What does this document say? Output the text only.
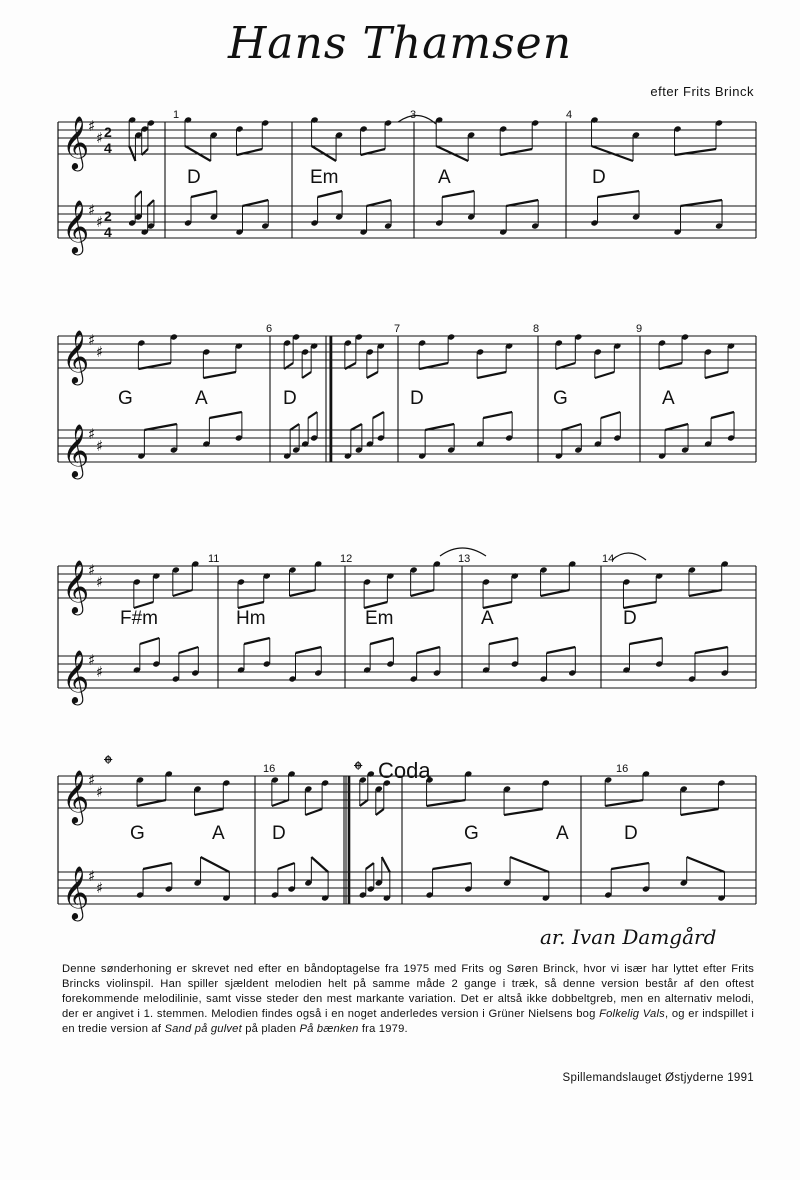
Hans Thamsen
efter Frits Brinck
𝄞
♯
♯ 2
4
𝄞
♯
♯ 2
4
D	Em	A	D
1	3	4
𝄞
♯
♯
𝄞
♯
♯
G	A	D	D	G	A
6	7	8	9
𝄞
♯
♯
𝄞
♯
♯
F#m	Hm	Em	A	D
11	12	13	14
𝄞
♯
♯
𝄞
♯
♯
G	A D	G	A	D
16	16
𝄌	𝄌 Coda
ar. Ivan Damgård
Denne sønderhoning er skrevet ned efter en båndoptagelse fra 1975 med Frits og Søren Brinck, hvor vi især har lyttet efter Frits Brincks violinspil. Han spiller sjældent melodien helt på samme måde 2 gange i træk, så denne version består af den oftest forekommende melodilinie, samt visse steder den mest markante variation. Det er altså ikke dobbeltgreb, men en alternativ melodi, der er angivet i 1. stemmen. Melodien findes også i en noget anderledes version i Grüner Nielsens bog Folkelig Vals, og er indspillet i en tredie version af Sand på gulvet på pladen På bænken fra 1979.
Spillemandslauget Østjyderne 1991
